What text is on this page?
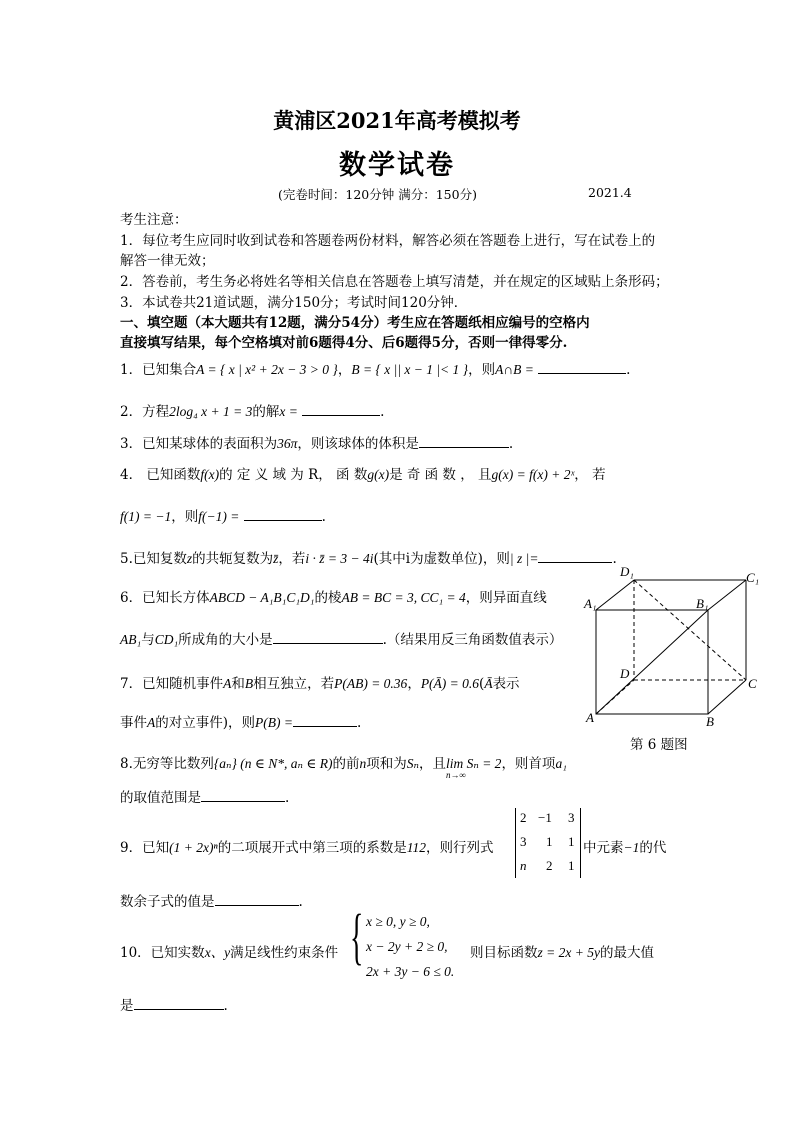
黄浦区2021年高考模拟考
数学试卷
(完卷时间：120分钟 满分：150分)	2021.4
考生注意：
1．每位考生应同时收到试卷和答题卷两份材料，解答必须在答题卷上进行，写在试卷上的
解答一律无效；
2．答卷前，考生务必将姓名等相关信息在答题卷上填写清楚，并在规定的区域贴上条形码；
3．本试卷共21道试题，满分150分；考试时间120分钟．
一、填空题（本大题共有12题，满分54分）考生应在答题纸相应编号的空格内
直接填写结果，每个空格填对前6题得4分、后6题得5分，否则一律得零分.
1．已知集合A = { x | x² + 2x − 3 > 0 }，B = { x || x − 1 |< 1 }，则A∩B =	.
2．方程2log₄ x + 1 = 3的解x =	.
3．已知某球体的表面积为36π，则该球体的体积是	.
4． 已知函数f(x)的 定 义 域 为 R， 函 数g(x)是 奇 函 数 ， 且g(x) = f(x) + 2ˣ， 若
f(1) = −1，则f(−1) =	.
5.已知复数z的共轭复数为z̄，若i · z̄ = 3 − 4i(其中i为虚数单位)，则| z |=	.
6．已知长方体ABCD − A₁B₁C₁D₁的棱AB = BC = 3, CC₁ = 4，则异面直线
AB₁与CD₁所成角的大小是	.（结果用反三角函数值表示）
7．已知随机事件A和B相互独立，若P(AB) = 0.36，P(Ā) = 0.6(Ā表示
事件A的对立事件)，则P(B) =	.
D₁	C₁
A₁	B₁
D
C
A	B
第 6 题图
8.无穷等比数列{aₙ} (n ∈ N*, aₙ ∈ R)的前n项和为Sₙ，且lim Sₙ = 2
n→∞
，则首项a₁
的取值范围是	.
9．已知(1 + 2x)ⁿ的二项展开式中第三项的系数是112，则行列式
2 −1 3
3 1 1
n 2 1
中元素−1的代
数余子式的值是	.
10．已知实数x、y满足线性约束条件 { x ≥ 0, y ≥ 0,
x − 2y + 2 ≥ 0,
2x + 3y − 6 ≤ 0.
则目标函数z = 2x + 5y的最大值
是	.
